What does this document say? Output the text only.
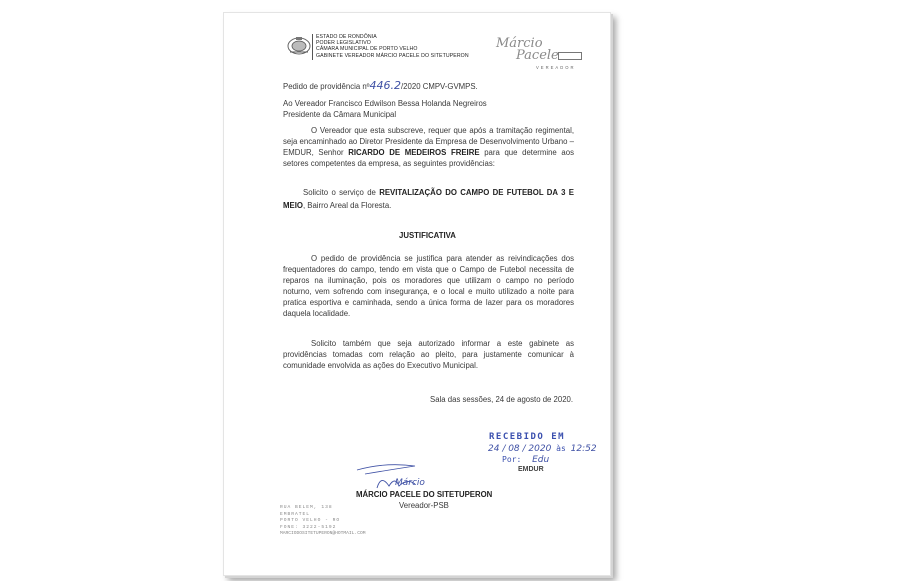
ESTADO DE RONDÔNIA
PODER LEGISLATIVO
CÂMARA MUNICIPAL DE PORTO VELHO
GABINETE VEREADOR MÁRCIO PACELE DO SITETUPERON
Márcio
Pacele
VEREADOR
Pedido de providência nº446.2/2020 CMPV-GVMPS.
Ao Vereador Francisco Edwilson Bessa Holanda Negreiros
Presidente da Câmara Municipal
O Vereador que esta subscreve, requer que após a tramitação regimental, seja encaminhado ao Diretor Presidente da Empresa de Desenvolvimento Urbano – EMDUR, Senhor RICARDO DE MEDEIROS FREIRE para que determine aos setores competentes da empresa, as seguintes providências:
Solicito o serviço de REVITALIZAÇÃO DO CAMPO DE FUTEBOL DA 3 E MEIO, Bairro Areal da Floresta.
JUSTIFICATIVA
O pedido de providência se justifica para atender as reivindicações dos frequentadores do campo, tendo em vista que o Campo de Futebol necessita de reparos na iluminação, pois os moradores que utilizam o campo no período noturno, vem sofrendo com insegurança, e o local e muito utilizado a noite para pratica esportiva e caminhada, sendo a única forma de lazer para os moradores daquela localidade.
Solicito também que seja autorizado informar a este gabinete as providências tomadas com relação ao pleito, para justamente comunicar à comunidade envolvida as ações do Executivo Municipal.
Sala das sessões, 24 de agosto de 2020.
RECEBIDO EM
24 / 08 / 2020 às 12:52
Por: Edu
EMDUR
Márcio
MÁRCIO PACELE DO SITETUPERON
Vereador-PSB
RUA BELEM, 138
EMBRATEL
PORTO VELHO - RO
FONE: 3222-5192
MARCIODOSITETUPERON@HOTMAIL.COM
